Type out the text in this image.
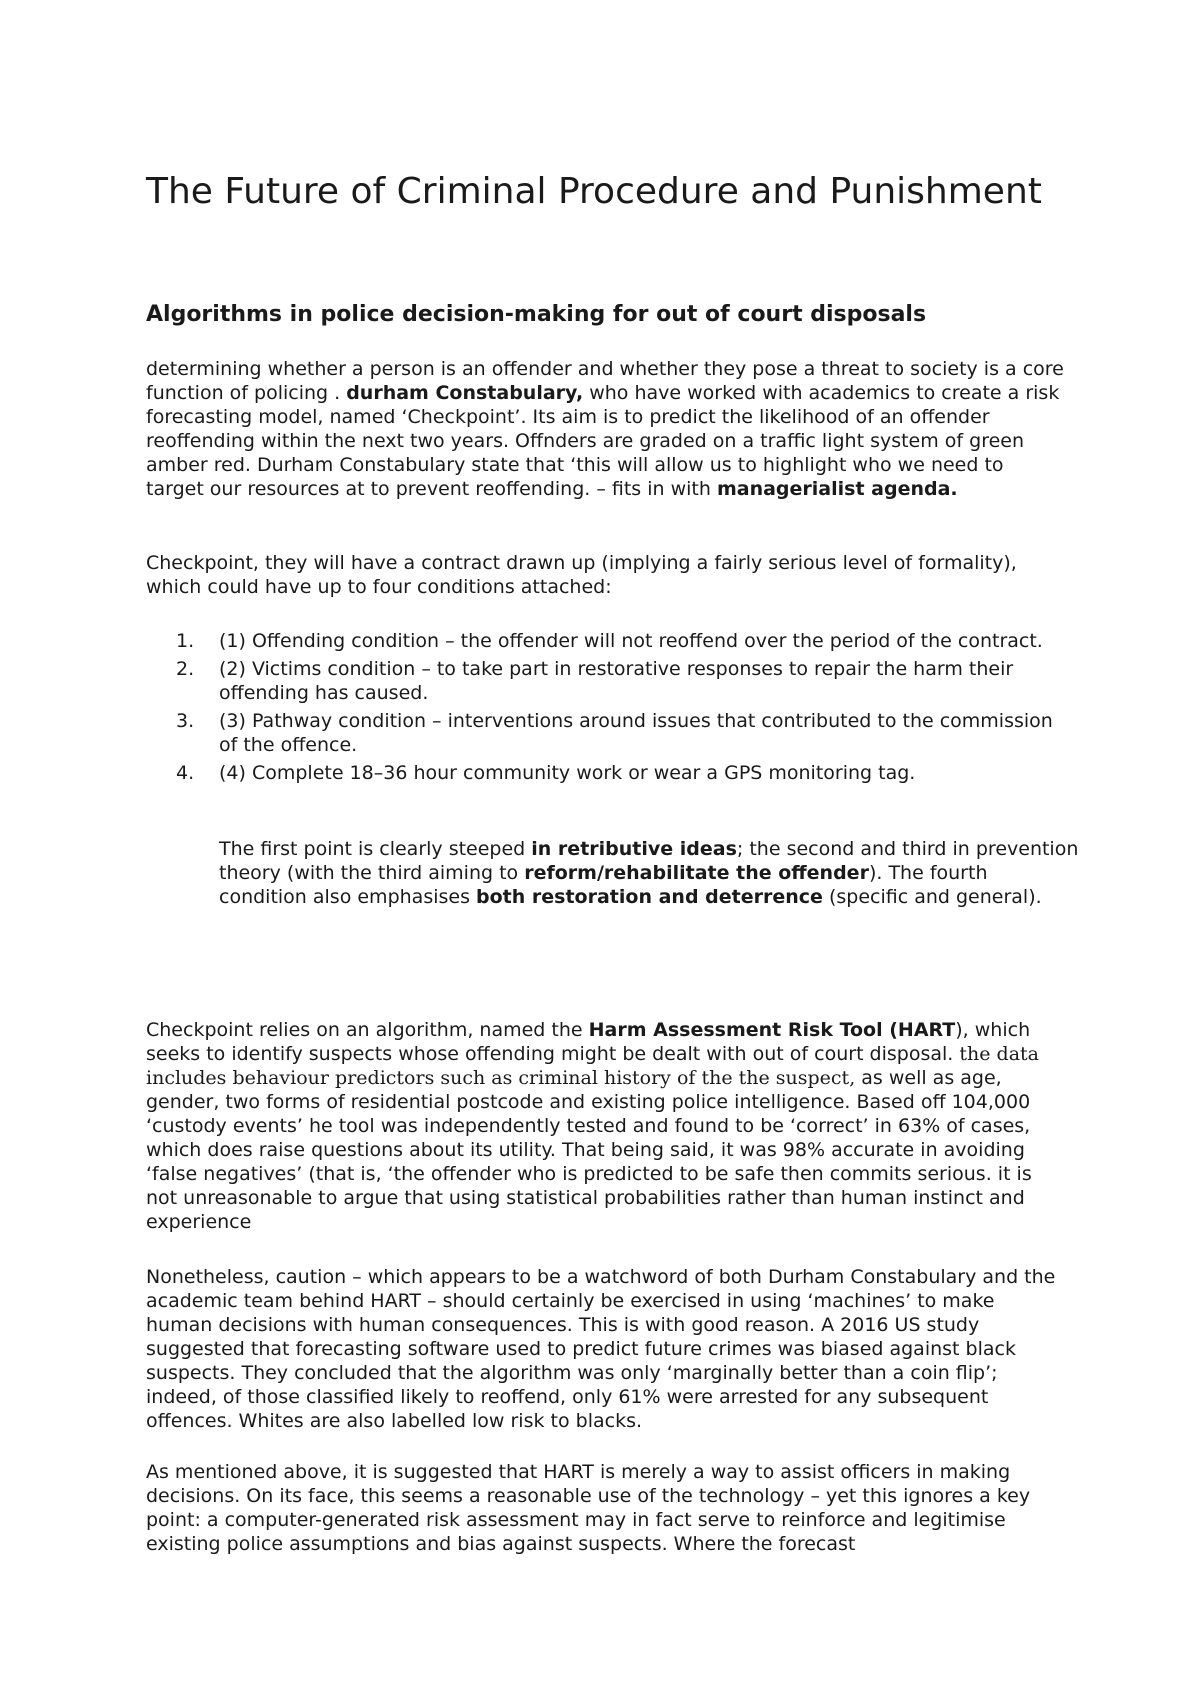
The Future of Criminal Procedure and Punishment
Algorithms in police decision-making for out of court disposals

determining whether a person is an offender and whether they pose a threat to society is a core function of policing . durham Constabulary, who have worked with academics to create a risk forecasting model, named ‘Checkpoint’. Its aim is to predict the likelihood of an offender reoffending within the next two years. Offnders are graded on a traffic light system of green amber red. Durham Constabulary state that ‘this will allow us to highlight who we need to target our resources at to prevent reoffending. – fits in with managerialist agenda.

Checkpoint, they will have a contract drawn up (implying a fairly serious level of formality), which could have up to four conditions attached:

1. (1) Offending condition – the offender will not reoffend over the period of the contract.
2. (2) Victims condition – to take part in restorative responses to repair the harm their offending has caused.
3. (3) Pathway condition – interventions around issues that contributed to the commission of the offence.
4. (4) Complete 18–36 hour community work or wear a GPS monitoring tag.

The first point is clearly steeped in retributive ideas; the second and third in prevention theory (with the third aiming to reform/rehabilitate the offender). The fourth condition also emphasises both restoration and deterrence (specific and general).

Checkpoint relies on an algorithm, named the Harm Assessment Risk Tool (HART), which seeks to identify suspects whose offending might be dealt with out of court disposal. the data includes behaviour predictors such as criminal history of the the suspect, as well as age, gender, two forms of residential postcode and existing police intelligence. Based off 104,000 ‘custody events’ he tool was independently tested and found to be ‘correct’ in 63% of cases, which does raise questions about its utility. That being said, it was 98% accurate in avoiding ‘false negatives’ (that is, ‘the offender who is predicted to be safe then commits serious. it is not unreasonable to argue that using statistical probabilities rather than human instinct and experience

Nonetheless, caution – which appears to be a watchword of both Durham Constabulary and the academic team behind HART – should certainly be exercised in using ‘machines’ to make human decisions with human consequences. This is with good reason. A 2016 US study suggested that forecasting software used to predict future crimes was biased against black suspects. They concluded that the algorithm was only ‘marginally better than a coin flip’; indeed, of those classified likely to reoffend, only 61% were arrested for any subsequent offences. Whites are also labelled low risk to blacks.

As mentioned above, it is suggested that HART is merely a way to assist officers in making decisions. On its face, this seems a reasonable use of the technology – yet this ignores a key point: a computer-generated risk assessment may in fact serve to reinforce and legitimise existing police assumptions and bias against suspects. Where the forecast
